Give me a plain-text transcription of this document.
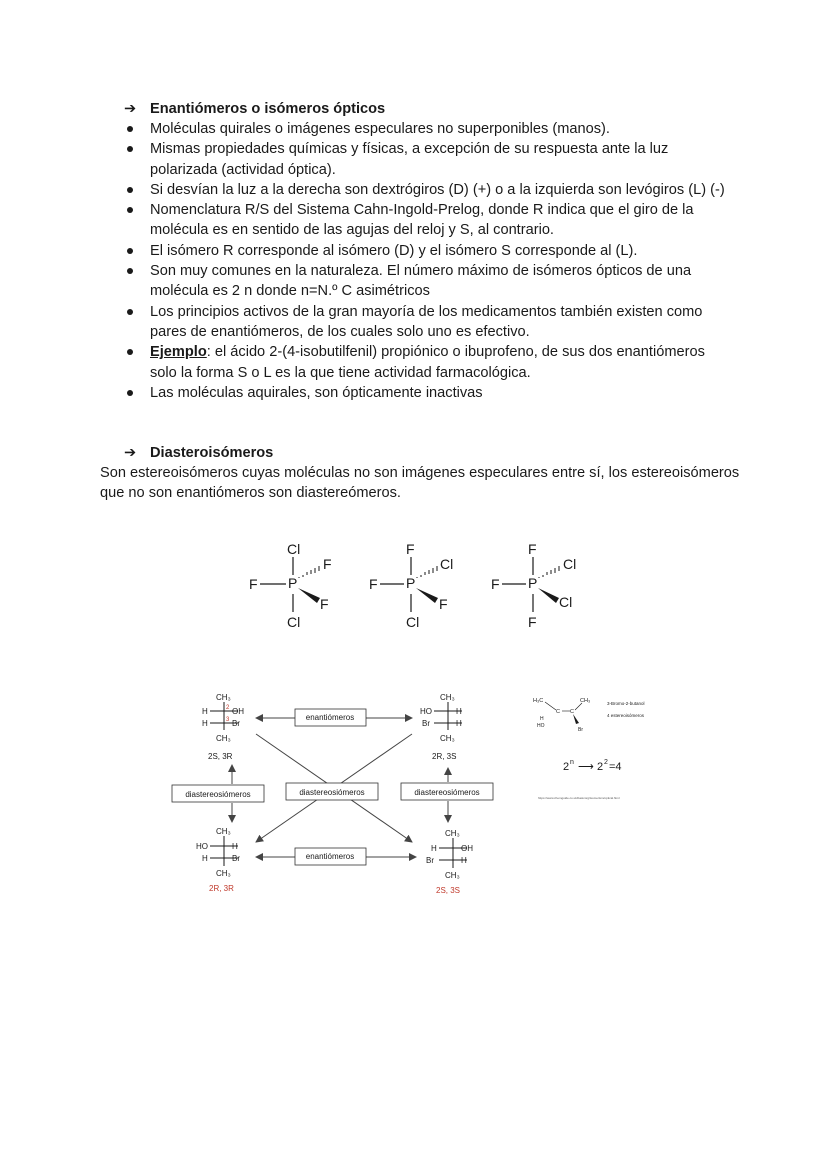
➔ Enantiómeros o isómeros ópticos
Moléculas quirales o imágenes especulares no superponibles (manos).
Mismas propiedades químicas y físicas, a excepción de su respuesta ante la luz polarizada (actividad óptica).
Si desvían la luz a la derecha son dextrógiros (D) (+) o a la izquierda son levógiros (L) (-)
Nomenclatura R/S del Sistema Cahn-Ingold-Prelog, donde R indica que el giro de la molécula es en sentido de las agujas del reloj y S, al contrario.
El isómero R corresponde al isómero (D) y el isómero S corresponde al (L).
Son muy comunes en la naturaleza. El número máximo de isómeros ópticos de una molécula es 2 n donde n=N.º C asimétricos
Los principios activos de la gran mayoría de los medicamentos también existen como pares de enantiómeros, de los cuales solo uno es efectivo.
Ejemplo: el ácido 2-(4-isobutilfenil) propiónico o ibuprofeno, de sus dos enantiómeros solo la forma S o L es la que tiene actividad farmacológica.
Las moléculas aquirales, son ópticamente inactivas
➔ Diasteroisómeros
Son estereoisómeros cuyas moléculas no son imágenes especulares entre sí, los estereoisómeros que no son enantiómeros son diastereómeros.
Cl
P
F
F
F
Cl
F
P
F
Cl
F
Cl
F
P
F
Cl
Cl
F
CH₃
H	OH
H	Br
2
3
CH₃
2S, 3R
CH₃
HO	H
Br	H
CH₃
2R, 3S
CH₃
HO	H
H	Br
CH₃
2R, 3R
CH₃
H	OH
Br	H
CH₃
2S, 3S
enantiómeros
enantiómeros
diastereosiómeros	diastereosiómeros	diastereosiómeros
H₃C	CH₃
C C
H
HO
Br
3-Bromo-2-butanol
4 estereoisómeros
2 n ⟶ 2 2 =4
https://www.chemguide.co.uk/basicorg/isomerism/optical.html
